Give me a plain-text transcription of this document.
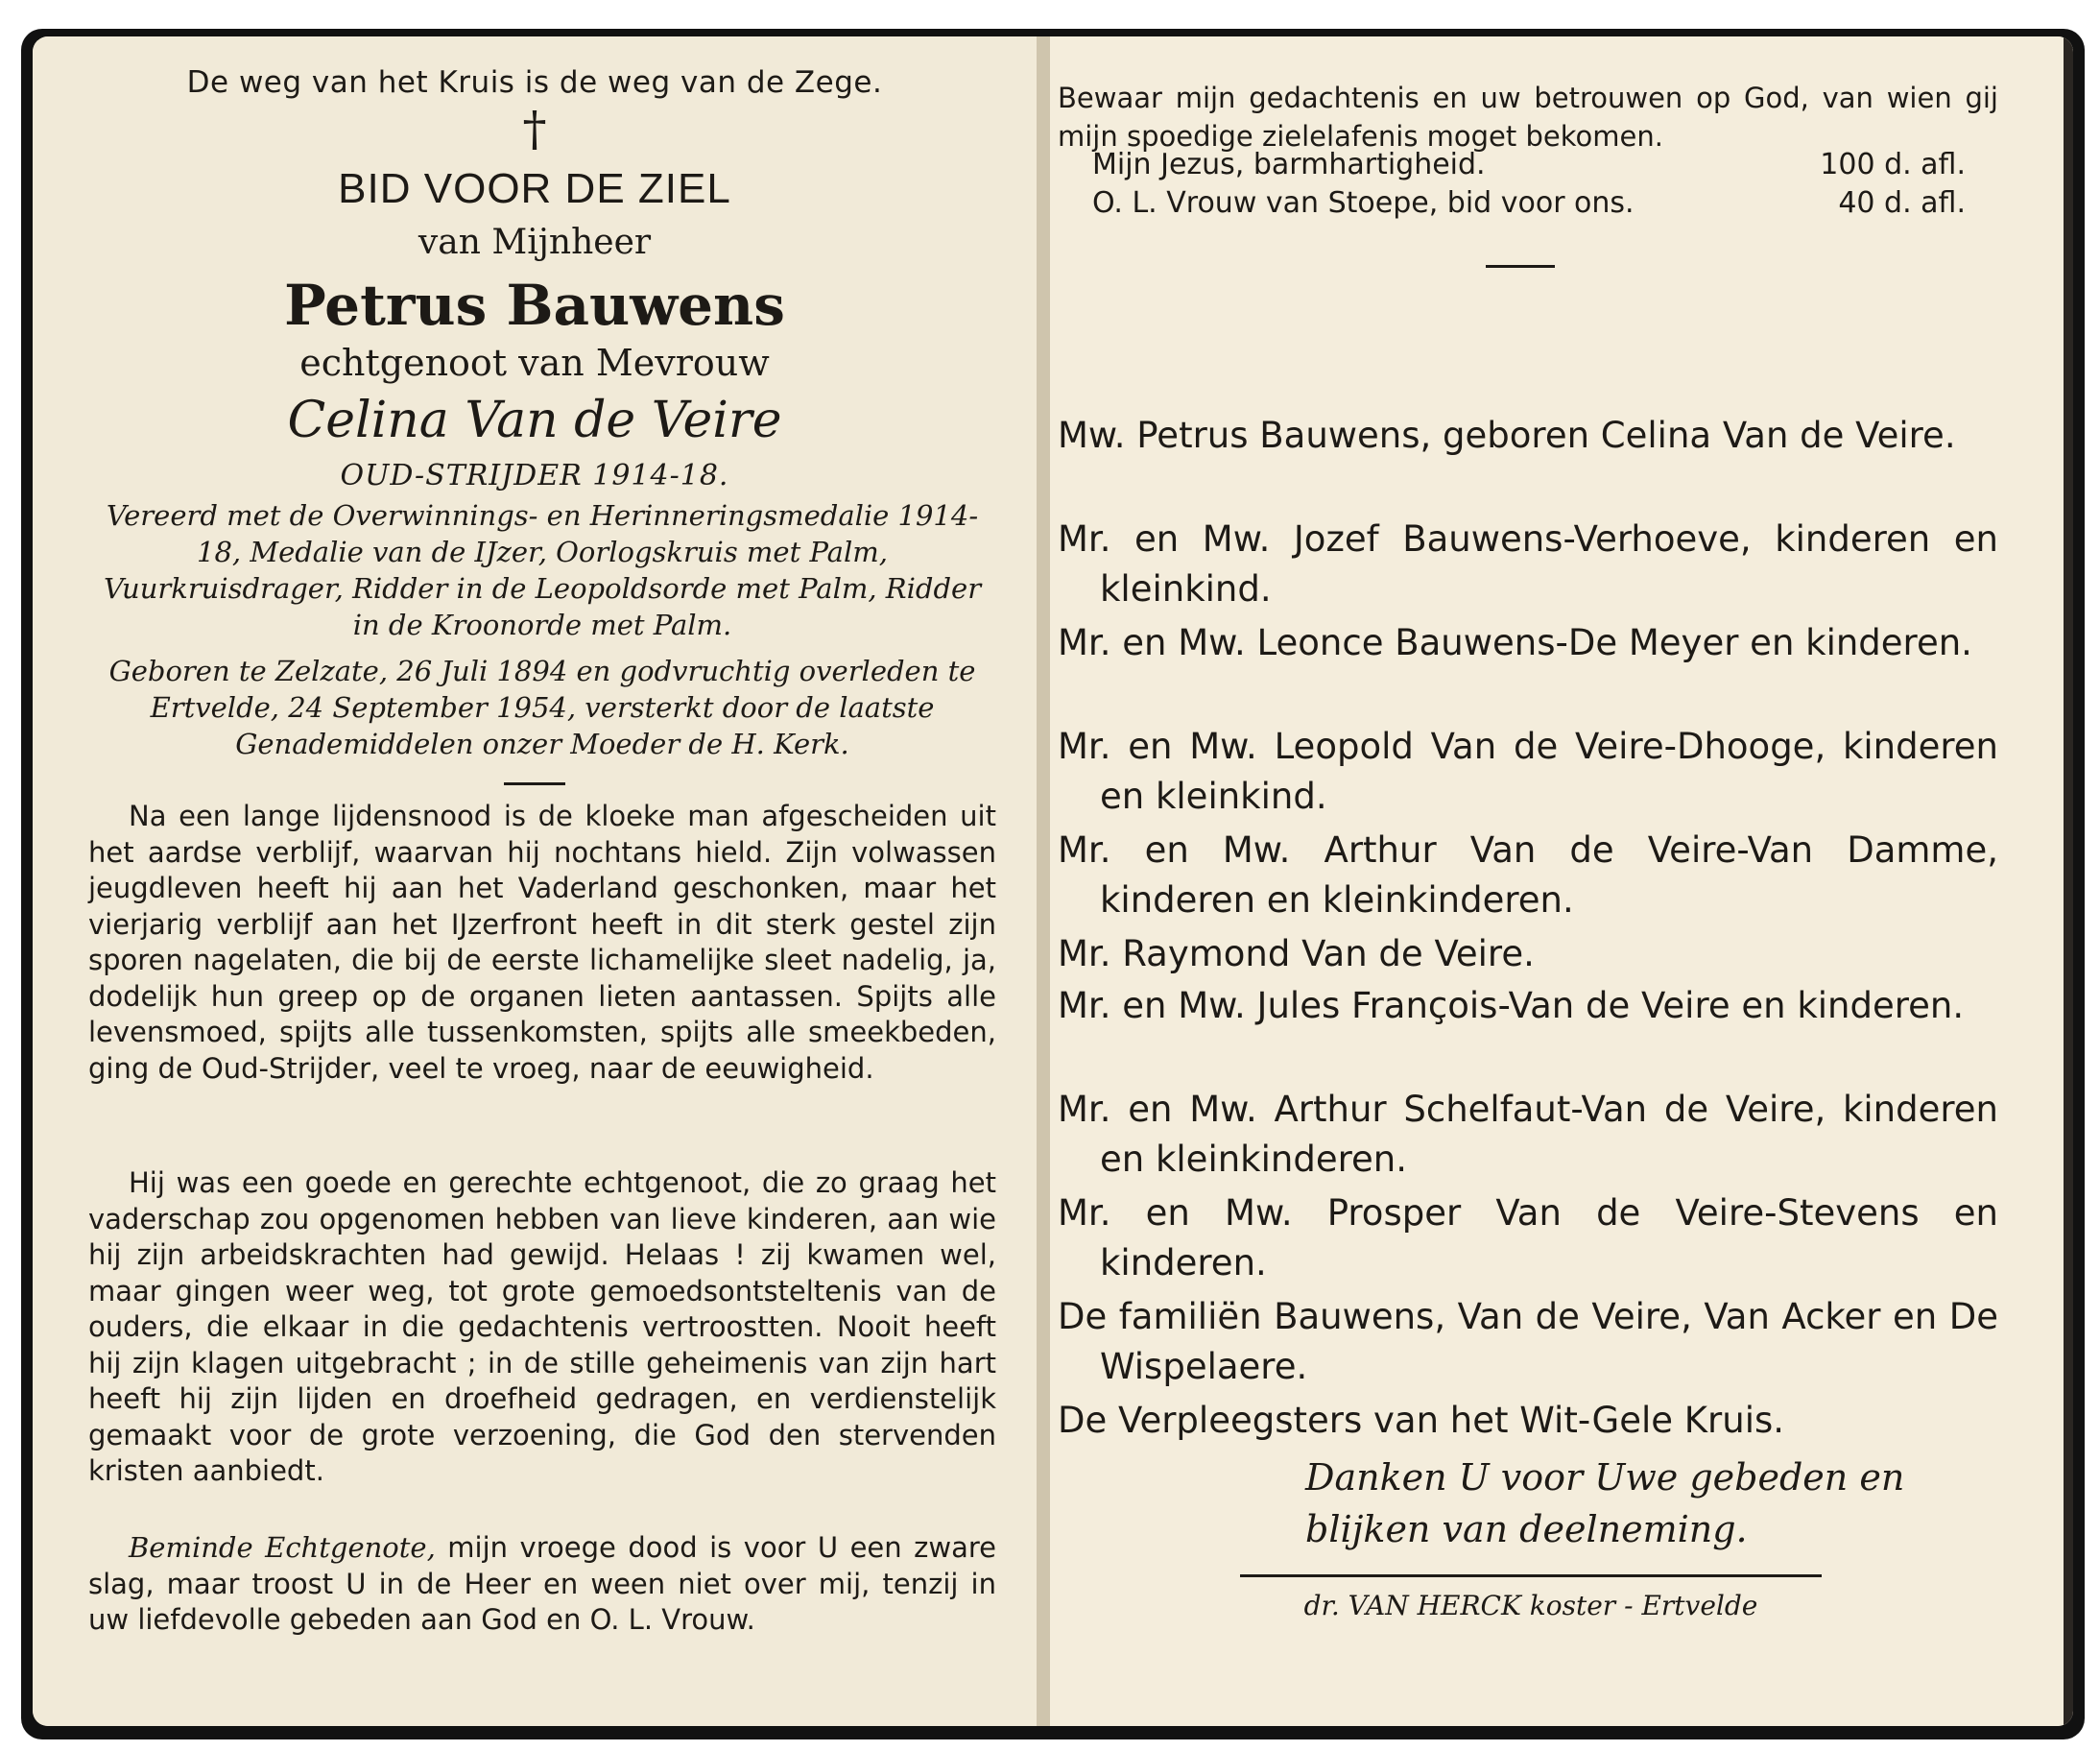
De weg van het Kruis is de weg van de Zege.
†
BID VOOR DE ZIEL
van Mijnheer
Petrus Bauwens
echtgenoot van Mevrouw
Celina Van de Veire
OUD-STRIJDER 1914-18.
Vereerd met de Overwinnings- en Herinneringsmedalie 1914-18, Medalie van de IJzer, Oorlogskruis met Palm, Vuurkruisdrager, Ridder in de Leopoldsorde met Palm, Ridder in de Kroonorde met Palm.
Geboren te Zelzate, 26 Juli 1894 en godvruchtig overleden te Ertvelde, 24 September 1954, versterkt door de laatste Genademiddelen onzer Moeder de H. Kerk.
Na een lange lijdensnood is de kloeke man afgescheiden uit het aardse verblijf, waarvan hij nochtans hield. Zijn volwassen jeugdleven heeft hij aan het Vaderland geschonken, maar het vierjarig verblijf aan het IJzerfront heeft in dit sterk gestel zijn sporen nagelaten, die bij de eerste lichamelijke sleet nadelig, ja, dodelijk hun greep op de organen lieten aantassen. Spijts alle levensmoed, spijts alle tussenkomsten, spijts alle smeekbeden, ging de Oud-Strijder, veel te vroeg, naar de eeuwigheid.
Hij was een goede en gerechte echtgenoot, die zo graag het vaderschap zou opgenomen hebben van lieve kinderen, aan wie hij zijn arbeidskrachten had gewijd. Helaas ! zij kwamen wel, maar gingen weer weg, tot grote gemoedsontsteltenis van de ouders, die elkaar in die gedachtenis vertroostten. Nooit heeft hij zijn klagen uitgebracht ; in de stille geheimenis van zijn hart heeft hij zijn lijden en droefheid gedragen, en verdienstelijk gemaakt voor de grote verzoening, die God den stervenden kristen aanbiedt.
Beminde Echtgenote, mijn vroege dood is voor U een zware slag, maar troost U in de Heer en ween niet over mij, tenzij in uw liefdevolle gebeden aan God en O. L. Vrouw.
Bewaar mijn gedachtenis en uw betrouwen op God, van wien gij mijn spoedige zielelafenis moget bekomen.
Mijn Jezus, barmhartigheid.	100 d. afl.
O. L. Vrouw van Stoepe, bid voor ons.	40 d. afl.
Mw. Petrus Bauwens, geboren Celina Van de Veire.
Mr. en Mw. Jozef Bauwens-Verhoeve, kinderen en kleinkind.
Mr. en Mw. Leonce Bauwens-De Meyer en kinderen.
Mr. en Mw. Leopold Van de Veire-Dhooge, kinderen en kleinkind.
Mr. en Mw. Arthur Van de Veire-Van Damme, kinderen en kleinkinderen.
Mr. Raymond Van de Veire.
Mr. en Mw. Jules François-Van de Veire en kinderen.
Mr. en Mw. Arthur Schelfaut-Van de Veire, kinderen en kleinkinderen.
Mr. en Mw. Prosper Van de Veire-Stevens en kinderen.
De familiën Bauwens, Van de Veire, Van Acker en De Wispelaere.
De Verpleegsters van het Wit-Gele Kruis.
Danken U voor Uwe gebeden en blijken van deelneming.
dr. VAN HERCK koster - Ertvelde
